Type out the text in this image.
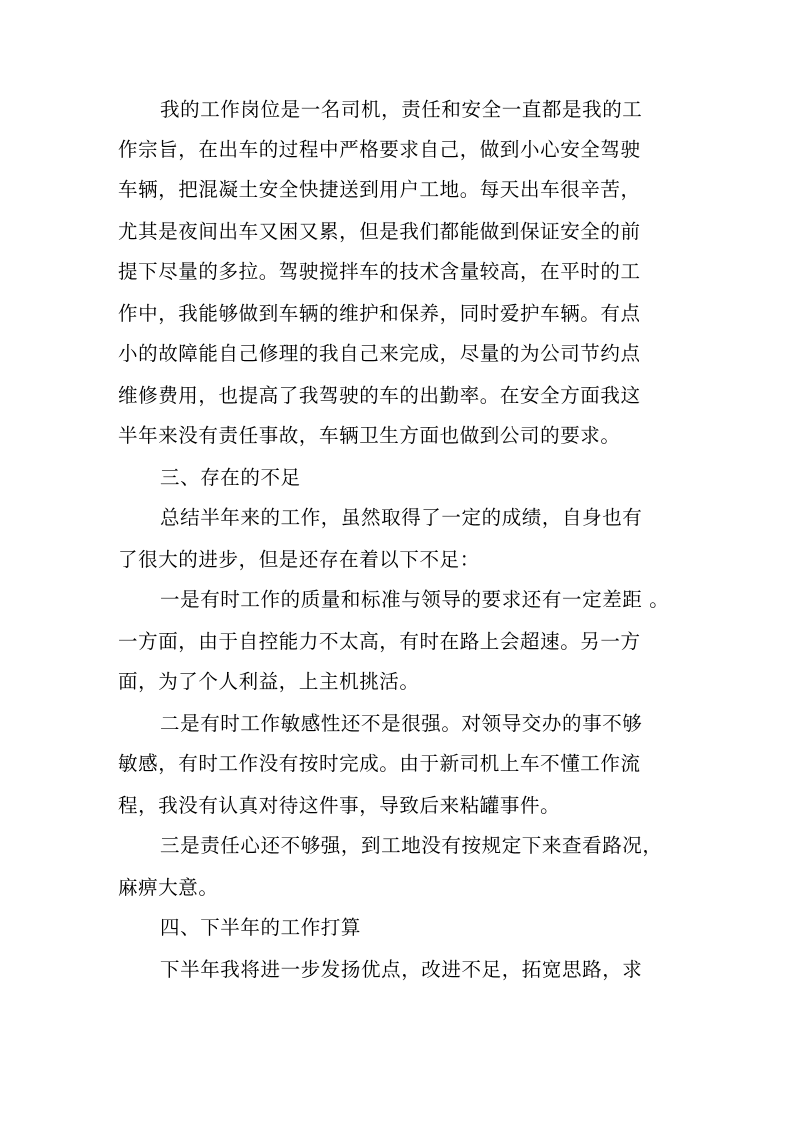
我的工作岗位是一名司机，责任和安全一直都是我的工
作宗旨，在出车的过程中严格要求自己，做到小心安全驾驶
车辆，把混凝土安全快捷送到用户工地。每天出车很辛苦，
尤其是夜间出车又困又累，但是我们都能做到保证安全的前
提下尽量的多拉。驾驶搅拌车的技术含量较高，在平时的工
作中，我能够做到车辆的维护和保养，同时爱护车辆。有点
小的故障能自己修理的我自己来完成，尽量的为公司节约点
维修费用，也提高了我驾驶的车的出勤率。在安全方面我这
半年来没有责任事故，车辆卫生方面也做到公司的要求。
三、存在的不足
总结半年来的工作，虽然取得了一定的成绩，自身也有
了很大的进步，但是还存在着以下不足：
一是有时工作的质量和标准与领导的要求还有一定差距 。
一方面，由于自控能力不太高，有时在路上会超速。另一方
面，为了个人利益，上主机挑活。
二是有时工作敏感性还不是很强。对领导交办的事不够
敏感，有时工作没有按时完成。由于新司机上车不懂工作流
程，我没有认真对待这件事，导致后来粘罐事件。
三是责任心还不够强，到工地没有按规定下来查看路况，
麻痹大意。
四、下半年的工作打算
下半年我将进一步发扬优点，改进不足，拓宽思路，求
